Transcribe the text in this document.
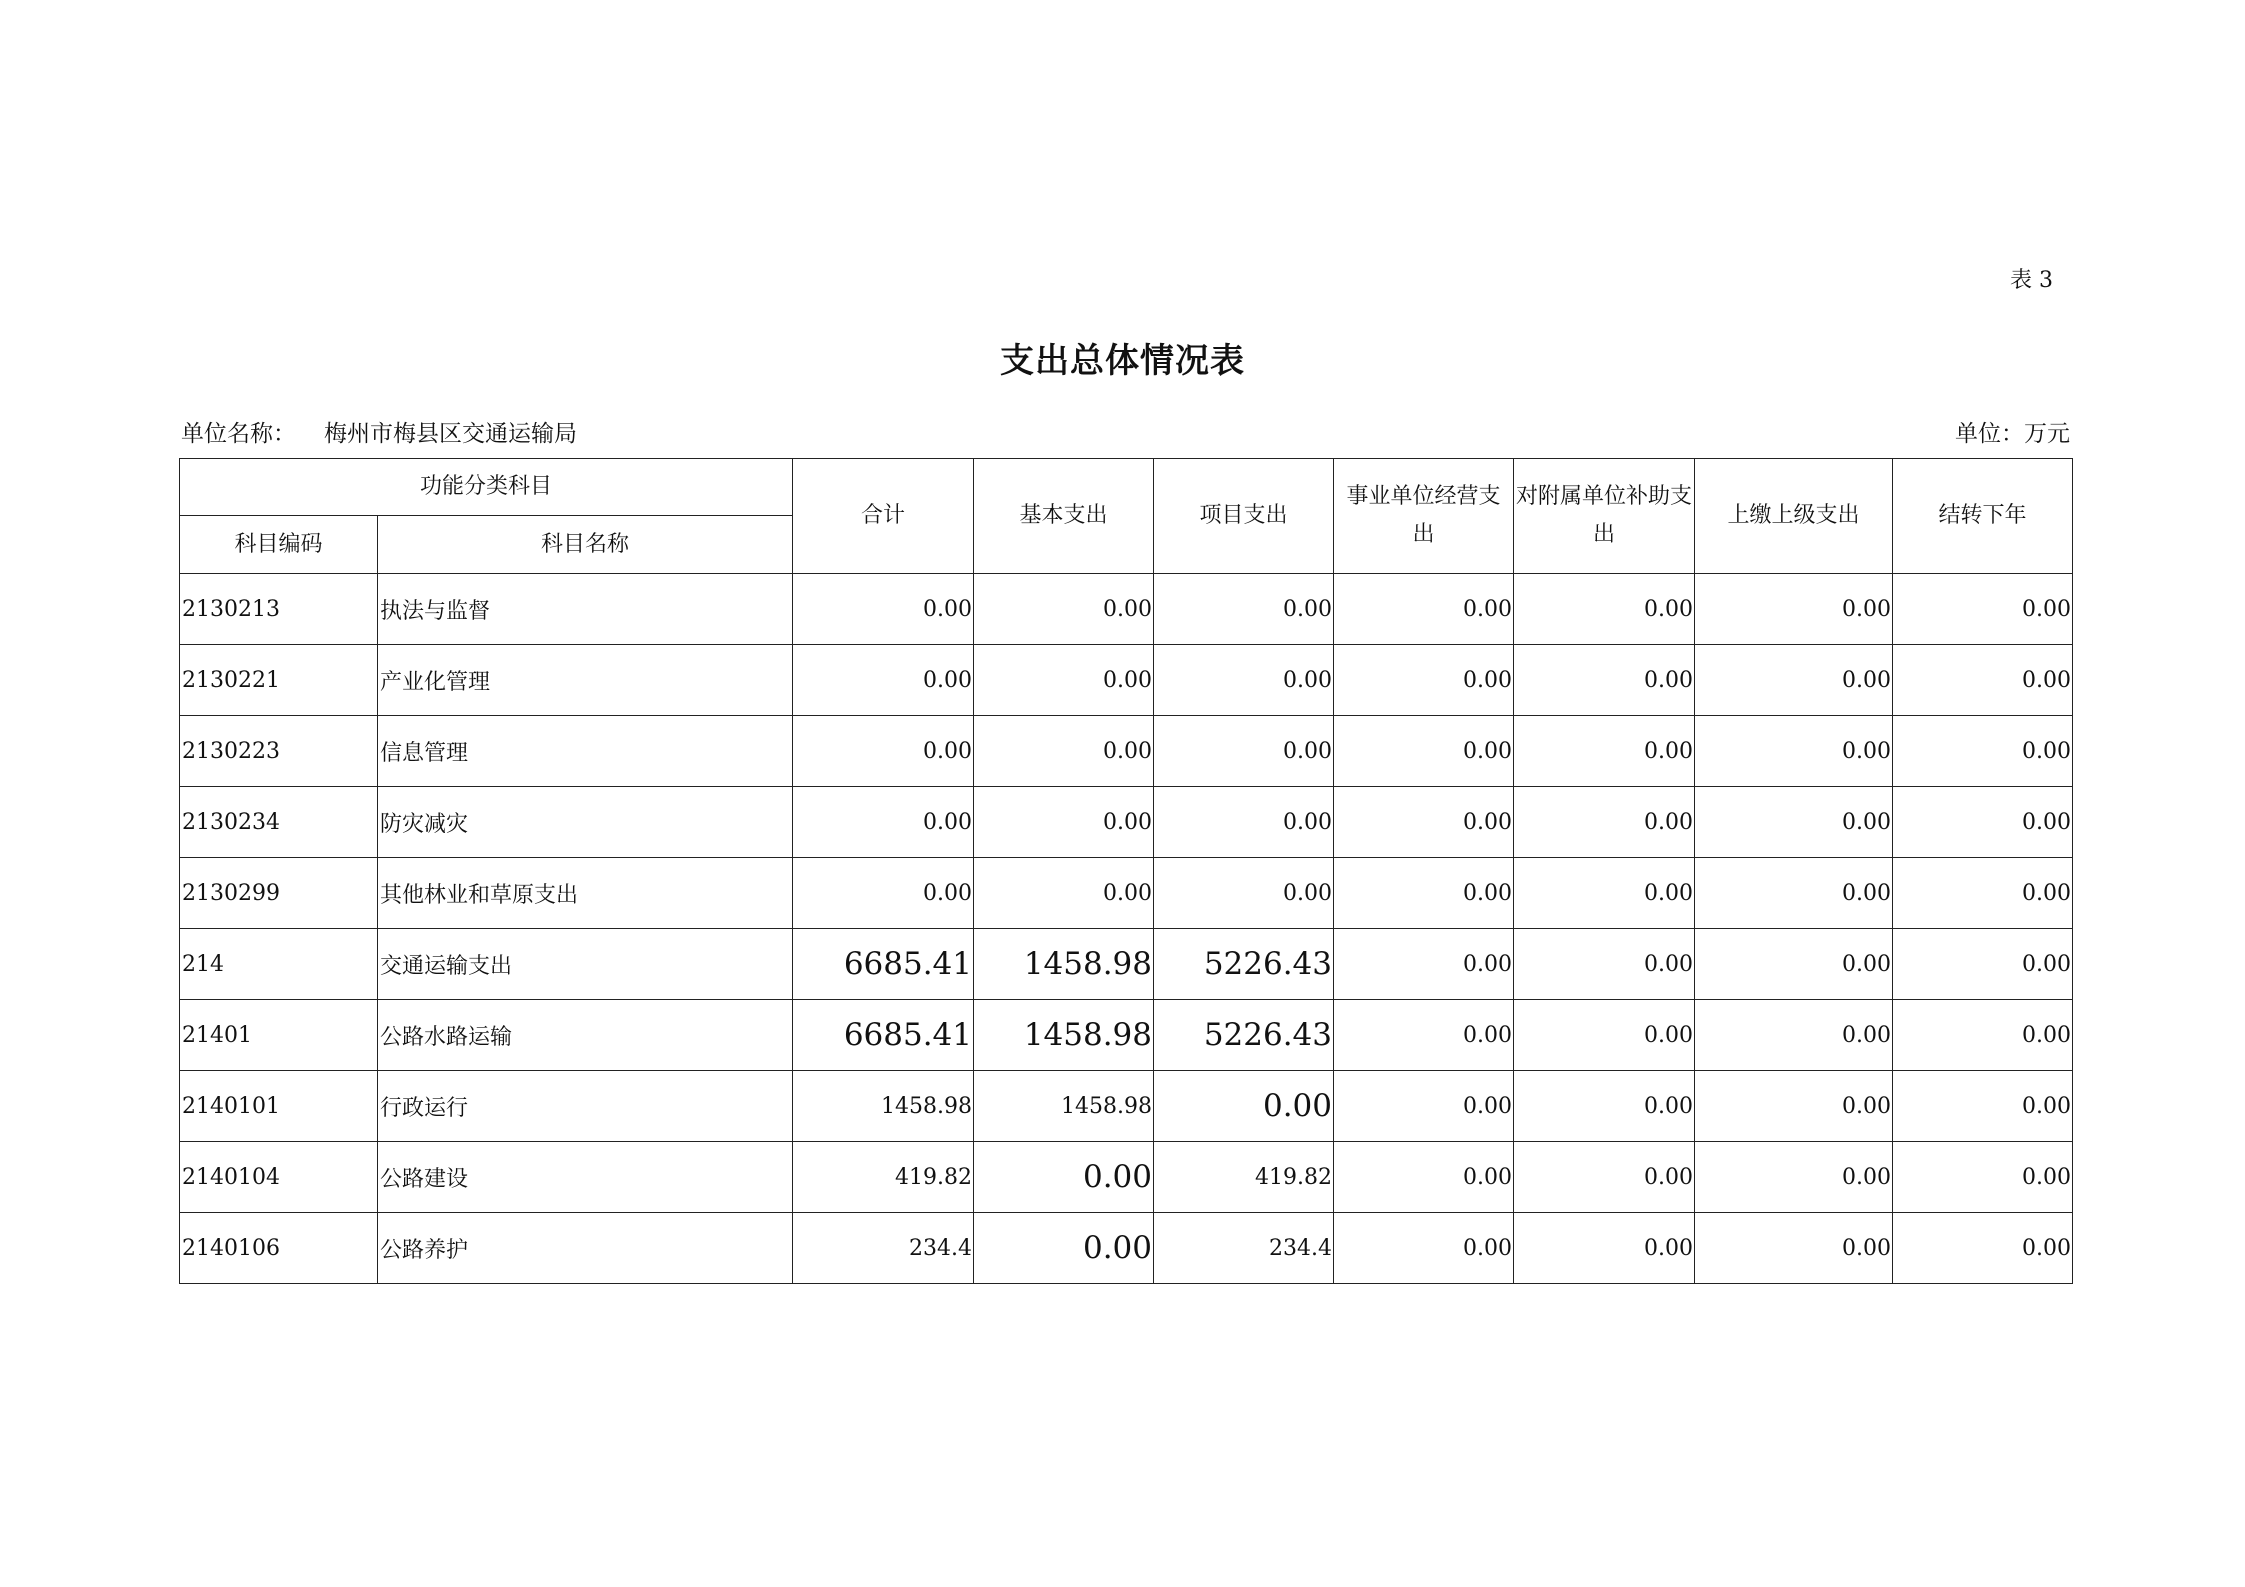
表 3
支出总体情况表
单位名称： 梅州市梅县区交通运输局	单位：万元
功能分类科目		合计	基本支出	项目支出	事业单位经营支出	对附属单位补助支出	上缴上级支出	结转下年
科目编码	科目名称							
2130213	执法与监督	0.00	0.00	0.00	0.00	0.00	0.00	0.00
2130221	产业化管理	0.00	0.00	0.00	0.00	0.00	0.00	0.00
2130223	信息管理	0.00	0.00	0.00	0.00	0.00	0.00	0.00
2130234	防灾减灾	0.00	0.00	0.00	0.00	0.00	0.00	0.00
2130299	其他林业和草原支出	0.00	0.00	0.00	0.00	0.00	0.00	0.00
214	交通运输支出	6685.41	1458.98	5226.43	0.00	0.00	0.00	0.00
21401	公路水路运输	6685.41	1458.98	5226.43	0.00	0.00	0.00	0.00
2140101	行政运行	1458.98	1458.98	0.00	0.00	0.00	0.00	0.00
2140104	公路建设	419.82	0.00	419.82	0.00	0.00	0.00	0.00
2140106	公路养护	234.4	0.00	234.4	0.00	0.00	0.00	0.00
